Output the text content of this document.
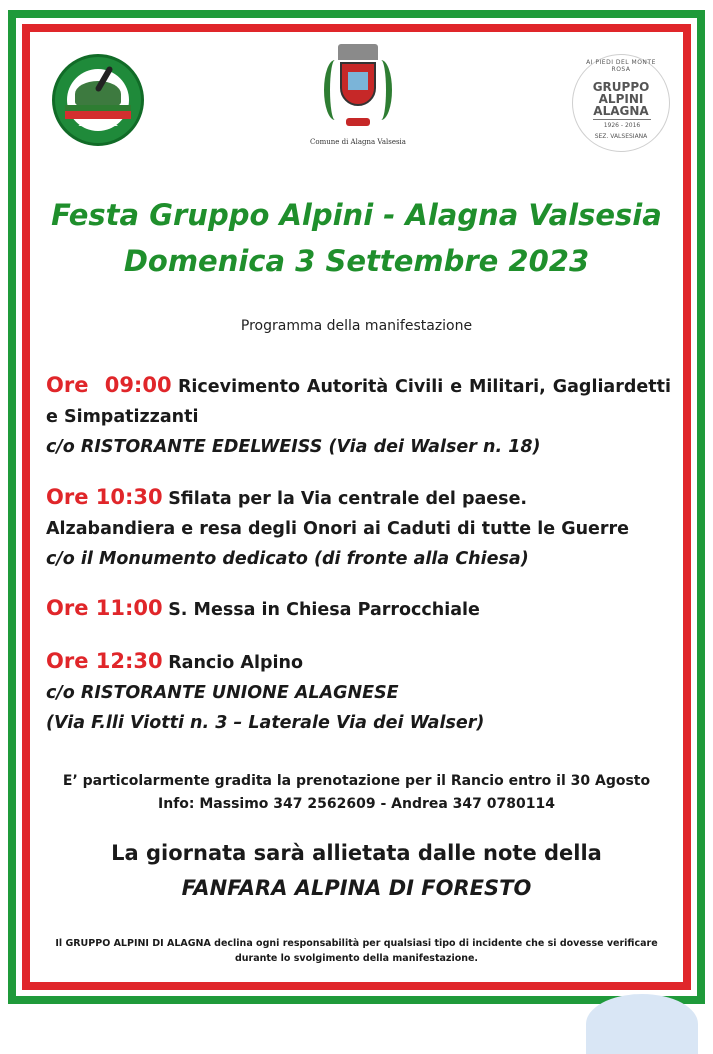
1922 · 2022
Comune di Alagna Valsesia
AI PIEDI DEL MONTE ROSA
GRUPPO
ALPINI
ALAGNA
1926 - 2016
SEZ. VALSESIANA
Festa Gruppo Alpini - Alagna Valsesia
Domenica 3 Settembre 2023
Programma della manifestazione
Ore  09:00 Ricevimento Autorità Civili e Militari, Gagliardetti e Simpatizzanti
c/o RISTORANTE EDELWEISS (Via dei Walser n. 18)
Ore 10:30 Sfilata per la Via centrale del paese.
Alzabandiera e resa degli Onori ai Caduti di tutte le Guerre
c/o il Monumento dedicato (di fronte alla Chiesa)
Ore 11:00 S. Messa in Chiesa Parrocchiale
Ore 12:30 Rancio Alpino
c/o RISTORANTE UNIONE ALAGNESE
(Via F.lli Viotti n. 3 – Laterale Via dei Walser)
E’ particolarmente gradita la prenotazione per il Rancio entro il 30 Agosto
Info: Massimo 347 2562609 - Andrea 347 0780114
La giornata sarà allietata dalle note della
FANFARA ALPINA DI FORESTO
Il GRUPPO ALPINI DI ALAGNA declina ogni responsabilità per qualsiasi tipo di incidente che si dovesse verificare
durante lo svolgimento della manifestazione.
